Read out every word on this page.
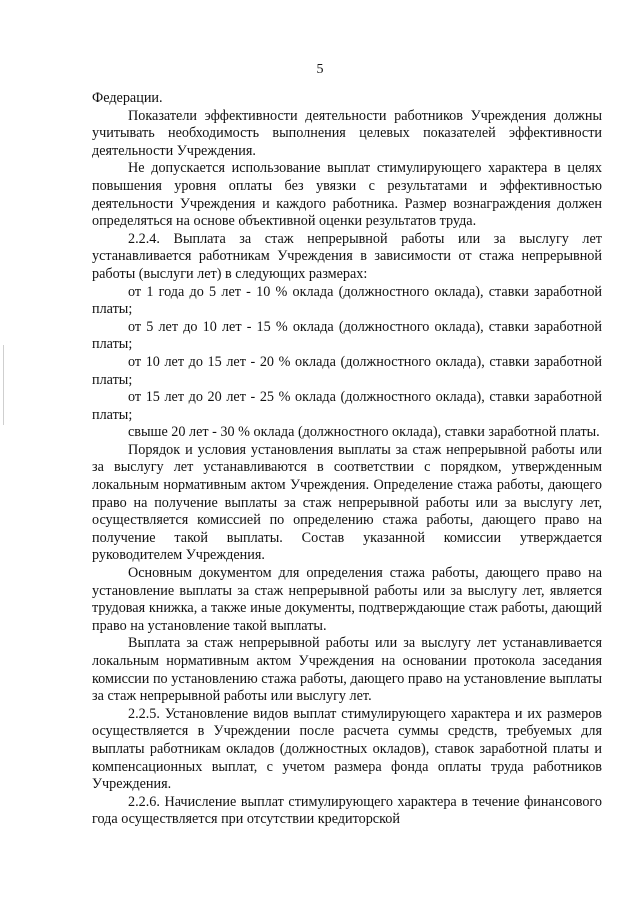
5

Федерации.

Показатели эффективности деятельности работников Учреждения должны учитывать необходимость выполнения целевых показателей эффективности деятельности Учреждения.

Не допускается использование выплат стимулирующего характера в целях повышения уровня оплаты без увязки с результатами и эффективностью деятельности Учреждения и каждого работника. Размер вознаграждения должен определяться на основе объективной оценки результатов труда.

2.2.4. Выплата за стаж непрерывной работы или за выслугу лет устанавливается работникам Учреждения в зависимости от стажа непрерывной работы (выслуги лет) в следующих размерах:

от 1 года до 5 лет - 10 % оклада (должностного оклада), ставки заработной платы;

от 5 лет до 10 лет - 15 % оклада (должностного оклада), ставки заработной платы;

от 10 лет до 15 лет - 20 % оклада (должностного оклада), ставки заработной платы;

от 15 лет до 20 лет - 25 % оклада (должностного оклада), ставки заработной платы;

свыше 20 лет - 30 % оклада (должностного оклада), ставки заработной платы.

Порядок и условия установления выплаты за стаж непрерывной работы или за выслугу лет устанавливаются в соответствии с порядком, утвержденным локальным нормативным актом Учреждения. Определение стажа работы, дающего право на получение выплаты за стаж непрерывной работы или за выслугу лет, осуществляется комиссией по определению стажа работы, дающего право на получение такой выплаты. Состав указанной комиссии утверждается руководителем Учреждения.

Основным документом для определения стажа работы, дающего право на установление выплаты за стаж непрерывной работы или за выслугу лет, является трудовая книжка, а также иные документы, подтверждающие стаж работы, дающий право на установление такой выплаты.

Выплата за стаж непрерывной работы или за выслугу лет устанавливается локальным нормативным актом Учреждения на основании протокола заседания комиссии по установлению стажа работы, дающего право на установление выплаты за стаж непрерывной работы или выслугу лет.

2.2.5. Установление видов выплат стимулирующего характера и их размеров осуществляется в Учреждении после расчета суммы средств, требуемых для выплаты работникам окладов (должностных окладов), ставок заработной платы и компенсационных выплат, с учетом размера фонда оплаты труда работников Учреждения.

2.2.6. Начисление выплат стимулирующего характера в течение финансового года осуществляется при отсутствии кредиторской
